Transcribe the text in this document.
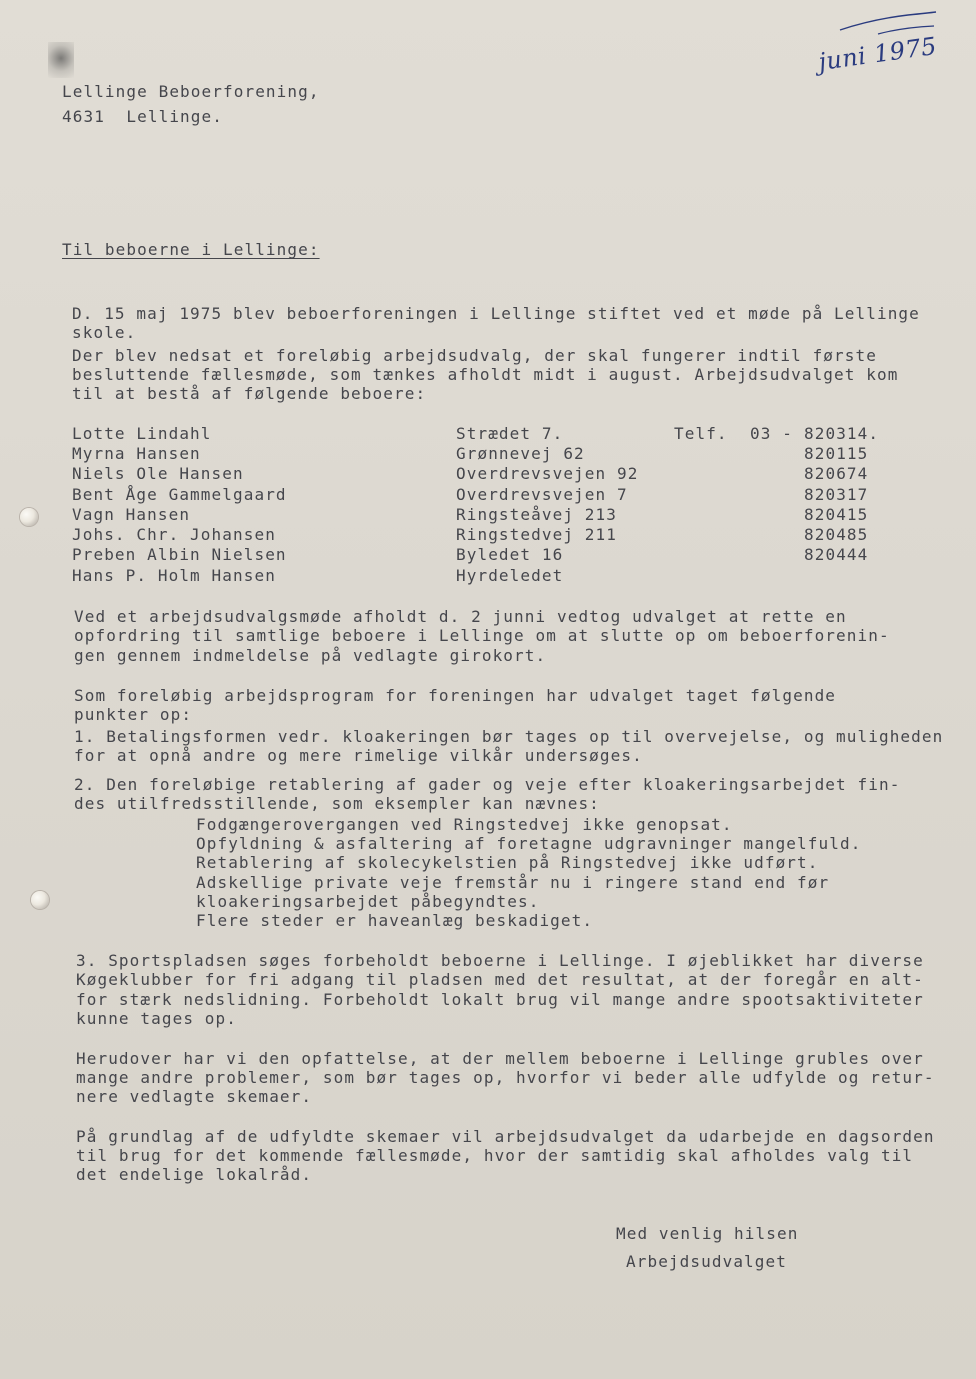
juni 1975
Lellinge Beboerforening,
4631  Lellinge.
Til beboerne i Lellinge:
D. 15 maj 1975 blev beboerforeningen i Lellinge stiftet ved et møde på Lellinge
skole.
Der blev nedsat et foreløbig arbejdsudvalg, der skal fungerer indtil første
besluttende fællesmøde, som tænkes afholdt midt i august. Arbejdsudvalget kom
til at bestå af følgende beboere:
Lotte Lindahl	Strædet 7.	Telf. 03 - 820314.
Myrna Hansen	Grønnevej 62	820115
Niels Ole Hansen	Overdrevsvejen 92	820674
Bent Åge Gammelgaard	Overdrevsvejen 7	820317
Vagn Hansen	Ringsteåvej 213	820415
Johs. Chr. Johansen	Ringstedvej 211	820485
Preben Albin Nielsen	Byledet 16	820444
Hans P. Holm Hansen	Hyrdeledet
Ved et arbejdsudvalgsmøde afholdt d. 2 junni vedtog udvalget at rette en
opfordring til samtlige beboere i Lellinge om at slutte op om beboerforenin-
gen gennem indmeldelse på vedlagte girokort.
Som foreløbig arbejdsprogram for foreningen har udvalget taget følgende
punkter op:
1. Betalingsformen vedr. kloakeringen bør tages op til overvejelse, og muligheden
for at opnå andre og mere rimelige vilkår undersøges.
2. Den foreløbige retablering af gader og veje efter kloakeringsarbejdet fin-
des utilfredsstillende, som eksempler kan nævnes:
Fodgængerovergangen ved Ringstedvej ikke genopsat.
Opfyldning & asfaltering af foretagne udgravninger mangelfuld.
Retablering af skolecykelstien på Ringstedvej ikke udført.
Adskellige private veje fremstår nu i ringere stand end før
kloakeringsarbejdet påbegyndtes.
Flere steder er haveanlæg beskadiget.
3. Sportspladsen søges forbeholdt beboerne i Lellinge. I øjeblikket har diverse
Køgeklubber for fri adgang til pladsen med det resultat, at der foregår en alt-
for stærk nedslidning. Forbeholdt lokalt brug vil mange andre spootsaktiviteter
kunne tages op.
Herudover har vi den opfattelse, at der mellem beboerne i Lellinge grubles over
mange andre problemer, som bør tages op, hvorfor vi beder alle udfylde og retur-
nere vedlagte skemaer.
På grundlag af de udfyldte skemaer vil arbejdsudvalget da udarbejde en dagsorden
til brug for det kommende fællesmøde, hvor der samtidig skal afholdes valg til
det endelige lokalråd.
Med venlig hilsen
Arbejdsudvalget
